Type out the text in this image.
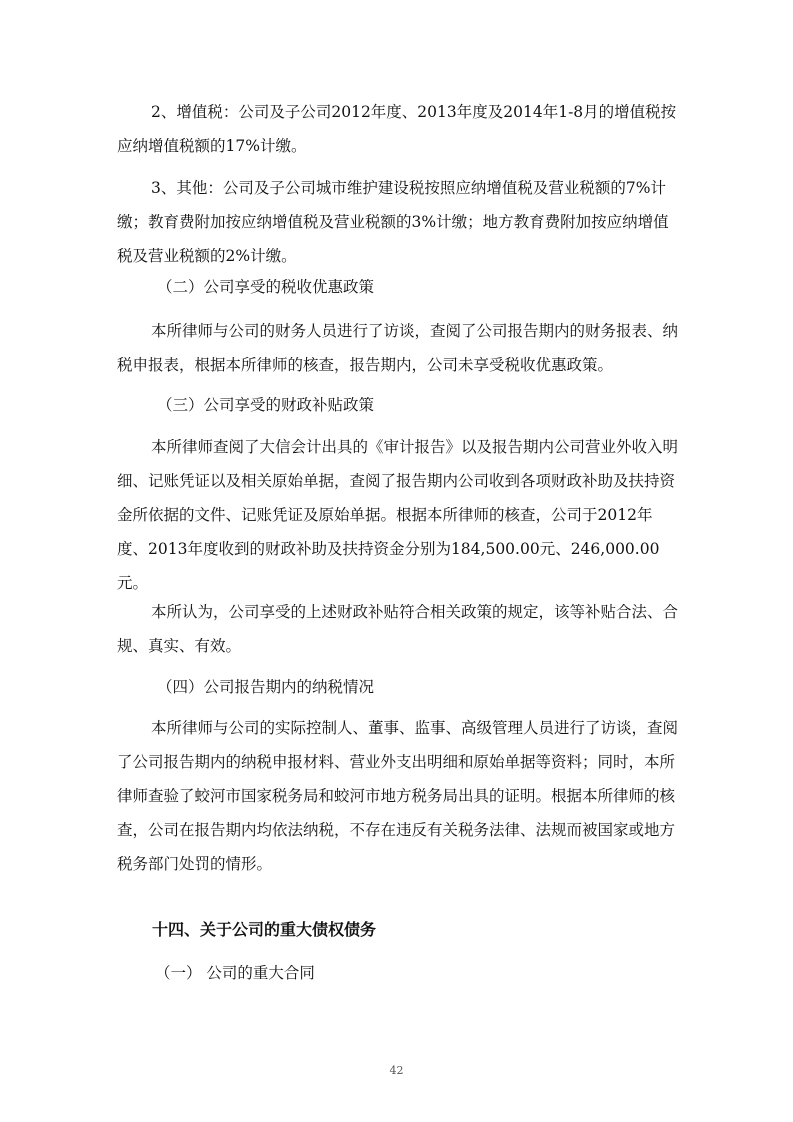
2、增值税：公司及子公司2012年度、2013年度及2014年1-8月的增值税按应纳增值税额的17%计缴。

3、其他：公司及子公司城市维护建设税按照应纳增值税及营业税额的7%计缴；教育费附加按应纳增值税及营业税额的3%计缴；地方教育费附加按应纳增值税及营业税额的2%计缴。

（二）公司享受的税收优惠政策

本所律师与公司的财务人员进行了访谈，查阅了公司报告期内的财务报表、纳税申报表，根据本所律师的核查，报告期内，公司未享受税收优惠政策。

（三）公司享受的财政补贴政策

本所律师查阅了大信会计出具的《审计报告》以及报告期内公司营业外收入明细、记账凭证以及相关原始单据，查阅了报告期内公司收到各项财政补助及扶持资金所依据的文件、记账凭证及原始单据。根据本所律师的核查，公司于2012年度、2013年度收到的财政补助及扶持资金分别为184,500.00元、246,000.00元。

本所认为，公司享受的上述财政补贴符合相关政策的规定，该等补贴合法、合规、真实、有效。

（四）公司报告期内的纳税情况

本所律师与公司的实际控制人、董事、监事、高级管理人员进行了访谈，查阅了公司报告期内的纳税申报材料、营业外支出明细和原始单据等资料；同时，本所律师查验了蛟河市国家税务局和蛟河市地方税务局出具的证明。根据本所律师的核查，公司在报告期内均依法纳税，不存在违反有关税务法律、法规而被国家或地方税务部门处罚的情形。

十四、关于公司的重大债权债务

（一） 公司的重大合同

42
